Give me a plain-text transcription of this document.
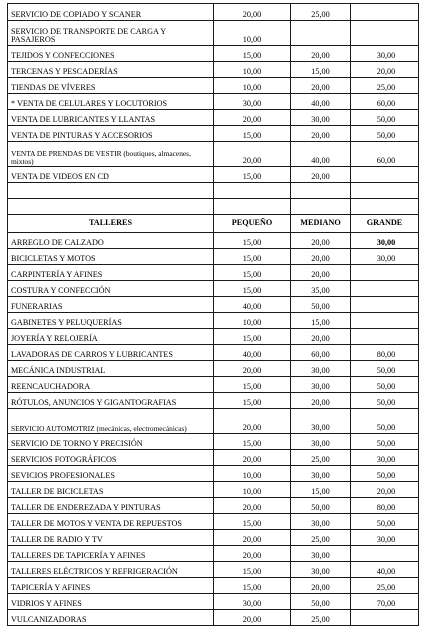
SERVICIO DE COPIADO Y SCANER	20,00	25,00	
SERVICIO DE TRANSPORTE DE CARGA Y PASAJEROS	10,00		
TEJIDOS Y CONFECCIONES	15,00	20,00	30,00
TERCENAS Y PESCADERÍAS	10,00	15,00	20,00
TIENDAS DE VÍVERES	10,00	20,00	25,00
* VENTA DE CELULARES Y LOCUTORIOS	30,00	40,00	60,00
VENTA DE LUBRICANTES Y LLANTAS	20,00	30,00	50,00
VENTA DE PINTURAS Y ACCESORIOS	15,00	20,00	50,00
VENTA DE PRENDAS DE VESTIR (boutiques, almacenes, mixtos)	20,00	40,00	60,00
VENTA DE VIDEOS EN CD	15,00	20,00	

TALLERES	PEQUEÑO	MEDIANO	GRANDE
ARREGLO DE CALZADO	15,00	20,00	30,00
BICICLETAS Y MOTOS	15,00	20,00	30,00
CARPINTERÍA Y AFINES	15,00	20,00	
COSTURA Y CONFECCIÓN	15,00	35,00	
FUNERARIAS	40,00	50,00	
GABINETES Y PELUQUERÍAS	10,00	15,00	
JOYERÍA Y RELOJERÍA	15,00	20,00	
LAVADORAS DE CARROS Y LUBRICANTES	40,00	60,00	80,00
MECÁNICA INDUSTRIAL	20,00	30,00	50,00
REENCAUCHADORA	15,00	30,00	50,00
RÓTULOS, ANUNCIOS Y GIGANTOGRAFIAS	15,00	20,00	50,00
SERVICIO AUTOMOTRIZ (mecánicas, electromecánicas)	20,00	30,00	50,00
SERVICIO DE TORNO Y PRECISIÓN	15,00	30,00	50,00
SERVICIOS FOTOGRÁFICOS	20,00	25,00	30,00
SEVICIOS PROFESIONALES	10,00	30,00	50,00
TALLER DE BICICLETAS	10,00	15,00	20,00
TALLER DE ENDEREZADA Y PINTURAS	20,00	50,00	80,00
TALLER DE MOTOS Y VENTA DE REPUESTOS	15,00	30,00	50,00
TALLER DE RADIO Y TV	20,00	25,00	30,00
TALLERES DE TAPICERÍA Y AFINES	20,00	30,00	
TALLERES ELÉCTRICOS Y REFRIGERACIÓN	15,00	30,00	40,00
TAPICERÍA Y AFINES	15,00	20,00	25,00
VIDRIOS Y AFINES	30,00	50,00	70,00
VULCANIZADORAS	20,00	25,00	
